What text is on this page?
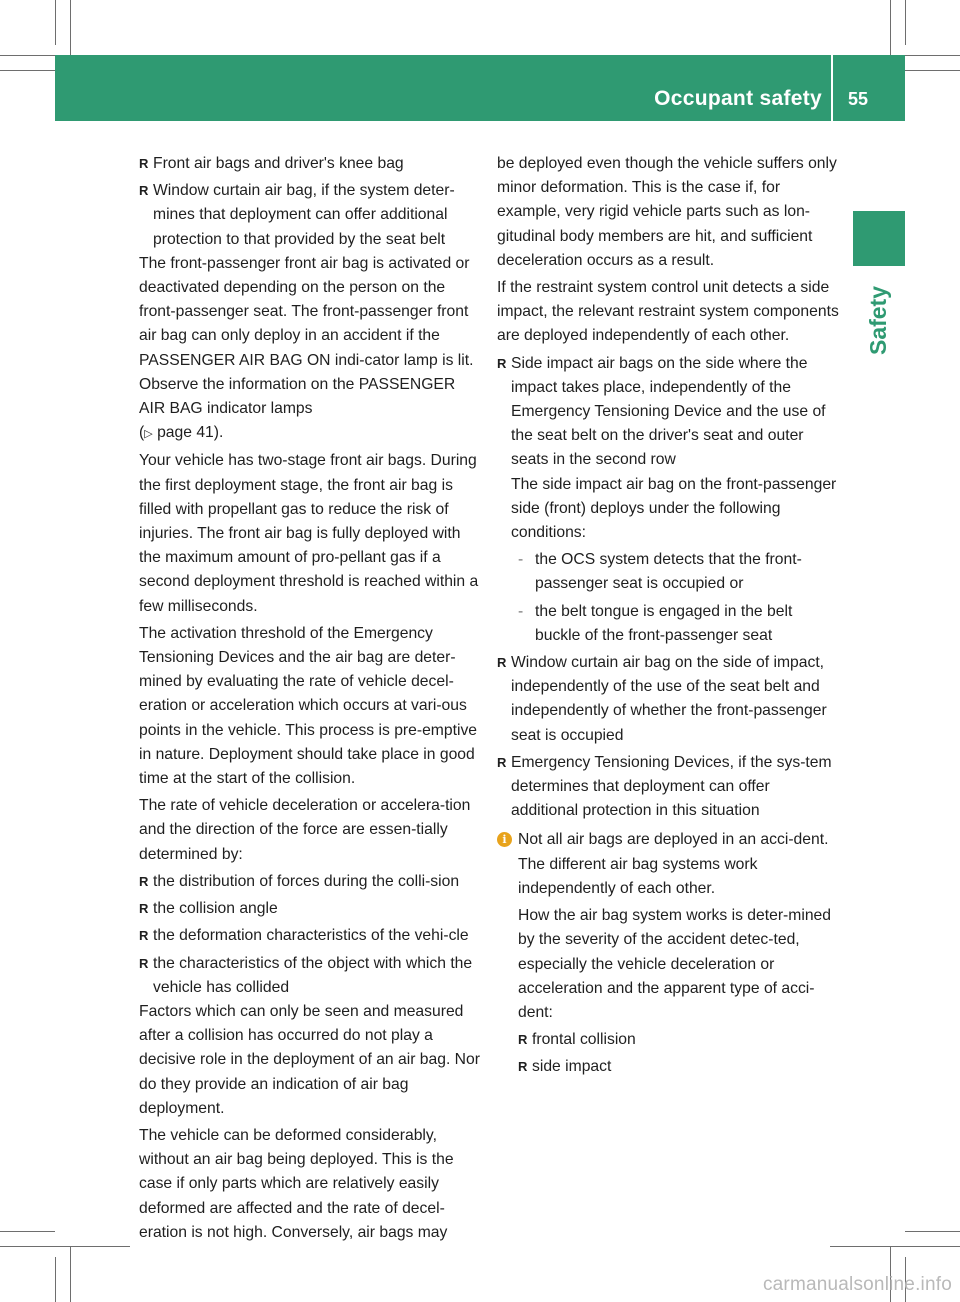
Occupant safety 55
Safety
R Front air bags and driver's knee bag
R Window curtain air bag, if the system deter-mines that deployment can offer additional protection to that provided by the seat belt

The front-passenger front air bag is activated or deactivated depending on the person on the front-passenger seat. The front-passenger front air bag can only deploy in an accident if the PASSENGER AIR BAG ON indi-cator lamp is lit. Observe the information on the PASSENGER AIR BAG indicator lamps
(▷ page 41).

Your vehicle has two-stage front air bags. During the first deployment stage, the front air bag is filled with propellant gas to reduce the risk of injuries. The front air bag is fully deployed with the maximum amount of pro-pellant gas if a second deployment threshold is reached within a few milliseconds.

The activation threshold of the Emergency Tensioning Devices and the air bag are deter-mined by evaluating the rate of vehicle decel-eration or acceleration which occurs at vari-ous points in the vehicle. This process is pre-emptive in nature. Deployment should take place in good time at the start of the collision.

The rate of vehicle deceleration or accelera-tion and the direction of the force are essen-tially determined by:

R the distribution of forces during the colli-sion
R the collision angle
R the deformation characteristics of the vehi-cle
R the characteristics of the object with which the vehicle has collided

Factors which can only be seen and measured after a collision has occurred do not play a decisive role in the deployment of an air bag. Nor do they provide an indication of air bag deployment.

The vehicle can be deformed considerably, without an air bag being deployed. This is the case if only parts which are relatively easily deformed are affected and the rate of decel-eration is not high. Conversely, air bags may

be deployed even though the vehicle suffers only minor deformation. This is the case if, for example, very rigid vehicle parts such as lon-gitudinal body members are hit, and sufficient deceleration occurs as a result.

If the restraint system control unit detects a side impact, the relevant restraint system components are deployed independently of each other.

R Side impact air bags on the side where the impact takes place, independently of the Emergency Tensioning Device and the use of the seat belt on the driver's seat and outer seats in the second row
The side impact air bag on the front-passenger side (front) deploys under the following conditions:
- the OCS system detects that the front-passenger seat is occupied or
- the belt tongue is engaged in the belt buckle of the front-passenger seat
R Window curtain air bag on the side of impact, independently of the use of the seat belt and independently of whether the front-passenger seat is occupied
R Emergency Tensioning Devices, if the sys-tem determines that deployment can offer additional protection in this situation
i Not all air bags are deployed in an acci-dent. The different air bag systems work independently of each other.
How the air bag system works is deter-mined by the severity of the accident detec-ted, especially the vehicle deceleration or acceleration and the apparent type of acci-dent:
R frontal collision
R side impact
carmanualsonline.info
